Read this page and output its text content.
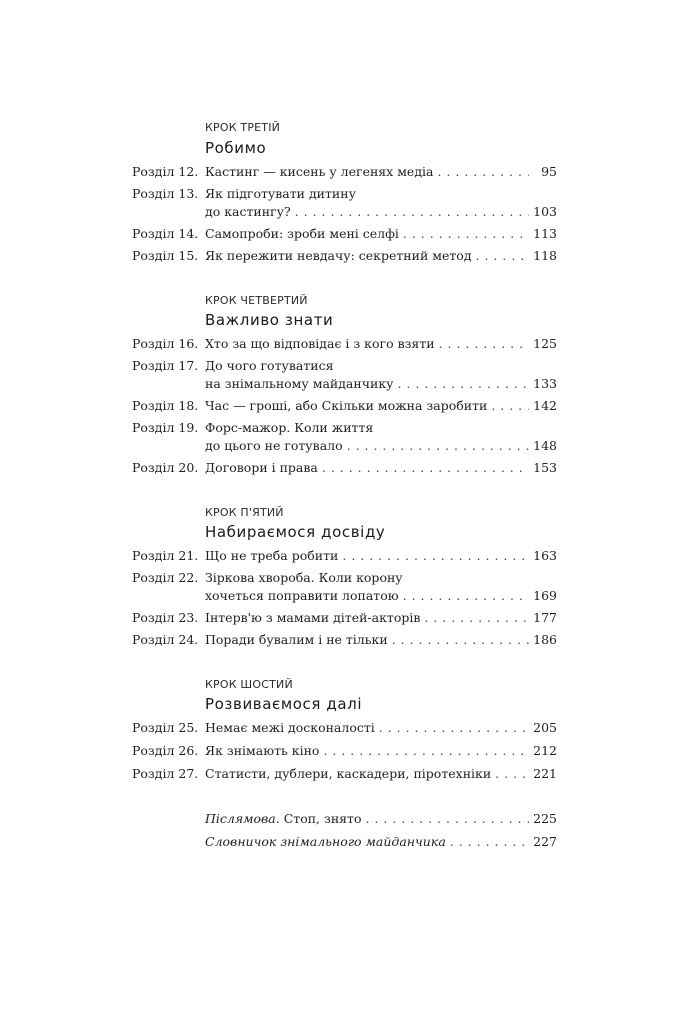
КРОК ТРЕТІЙ
Робимо
Розділ 12. Кастинг — кисень у легенях медіа . . .	95
Розділ 13. Як підготувати дитину
до кастингу? . . .	103
Розділ 14. Самопроби: зроби мені селфі . . .	113
Розділ 15. Як пережити невдачу: секретний метод . . .	118
КРОК ЧЕТВЕРТИЙ
Важливо знати
Розділ 16. Хто за що відповідає і з кого взяти . . .	125
Розділ 17. До чого готуватися
на знімальному майданчику . . .	133
Розділ 18. Час — гроші, або Скільки можна заробити . . .	142
Розділ 19. Форс-мажор. Коли життя
до цього не готувало . . .	148
Розділ 20. Договори і права . . .	153
КРОК П'ЯТИЙ
Набираємося досвіду
Розділ 21. Що не треба робити . . .	163
Розділ 22. Зіркова хвороба. Коли корону
хочеться поправити лопатою . . .	169
Розділ 23. Інтерв'ю з мамами дітей-акторів . . .	177
Розділ 24. Поради бувалим і не тільки . . .	186
КРОК ШОСТИЙ
Розвиваємося далі
Розділ 25. Немає межі досконалості . . .	205
Розділ 26. Як знімають кіно . . .	212
Розділ 27. Статисти, дублери, каскадери, піротехніки . . .	221
Післямова. Стоп, знято . . .	225
Словничок знімального майданчика . . .	227
